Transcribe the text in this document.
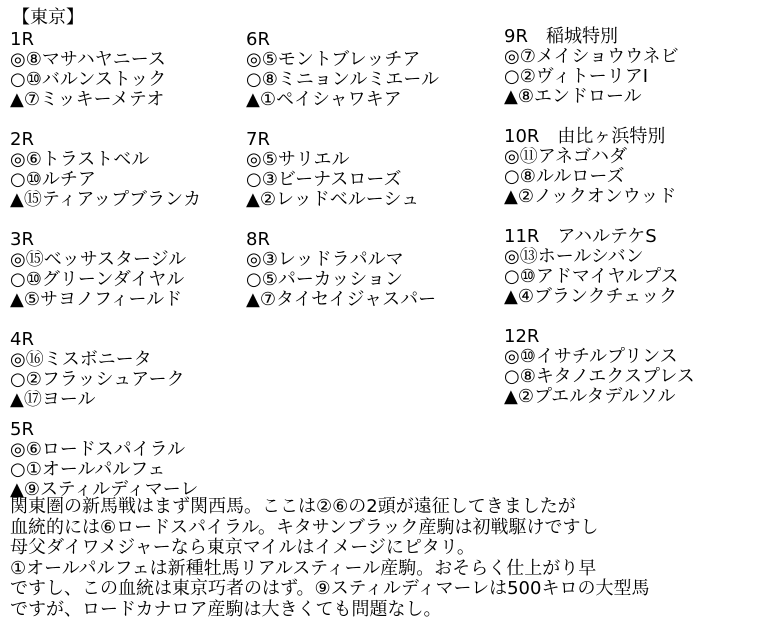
【東京】
1R
◎⑧マサハヤニース
○⑩バルンストック
▲⑦ミッキーメテオ
2R
◎⑥トラストベル
○⑩ルチア
▲⑮ティアップブランカ
3R
◎⑮ベッサスタージル
○⑩グリーンダイヤル
▲⑤サヨノフィールド
4R
◎⑯ミスボニータ
○②フラッシュアーク
▲⑰ヨール
5R
◎⑥ロードスパイラル
○①オールパルフェ
▲⑨スティルディマーレ
6R
◎⑤モントブレッチア
○⑧ミニョンルミエール
▲①ペイシャワキア
7R
◎⑤サリエル
○③ビーナスローズ
▲②レッドベルーシュ
8R
◎③レッドラパルマ
○⑤パーカッション
▲⑦タイセイジャスパー
9R　稲城特別
◎⑦メイショウウネビ
○②ヴィトーリアI
▲⑧エンドロール
10R　由比ヶ浜特別
◎⑪アネゴハダ
○⑧ルルローズ
▲②ノックオンウッド
11R　アハルテケS
◎⑬ホールシバン
○⑩アドマイヤルプス
▲④ブランクチェック
12R
◎⑩イサチルプリンス
○⑧キタノエクスプレス
▲②プエルタデルソル
関東圏の新馬戦はまず関西馬。ここは②⑥の2頭が遠征してきましたが
血統的には⑥ロードスパイラル。キタサンブラック産駒は初戦駆けですし
母父ダイワメジャーなら東京マイルはイメージにピタリ。
①オールパルフェは新種牡馬リアルスティール産駒。おそらく仕上がり早
ですし、この血統は東京巧者のはず。⑨スティルディマーレは500キロの大型馬
ですが、ロードカナロア産駒は大きくても問題なし。
